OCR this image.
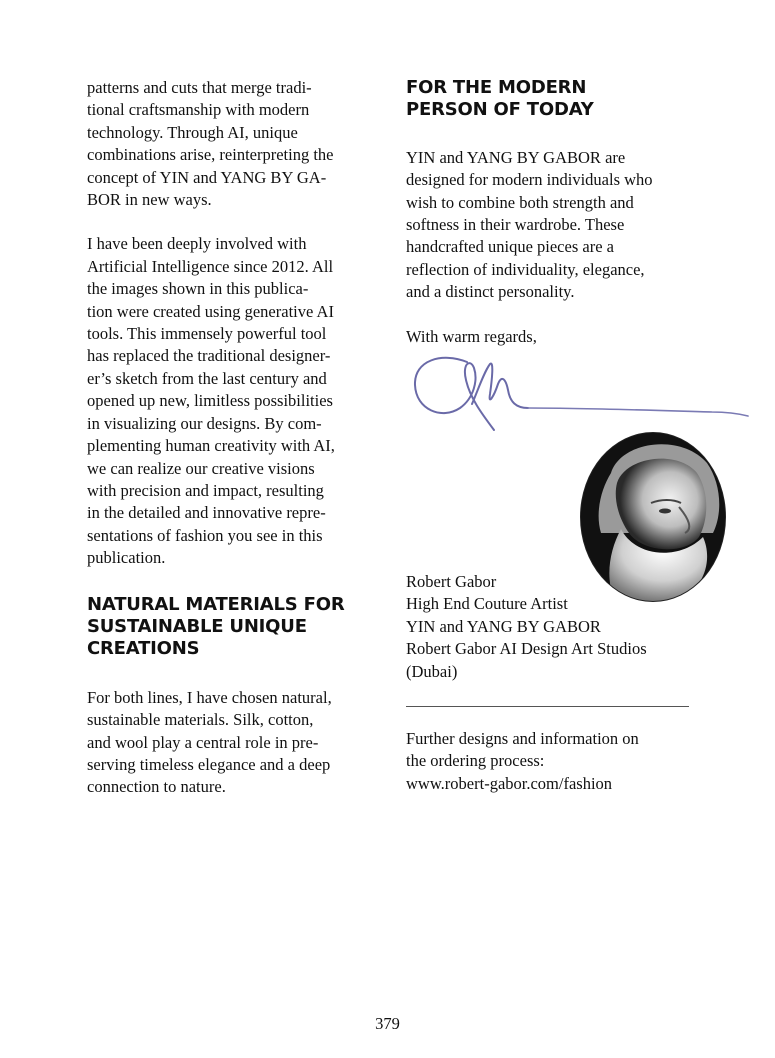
patterns and cuts that merge tradi-
tional craftsmanship with modern
technology. Through AI, unique
combinations arise, reinterpreting the
concept of YIN and YANG BY GA-
BOR in new ways.

I have been deeply involved with
Artificial Intelligence since 2012. All
the images shown in this publica-
tion were created using generative AI
tools. This immensely powerful tool
has replaced the traditional designer-
er’s sketch from the last century and
opened up new, limitless possibilities
in visualizing our designs. By com-
plementing human creativity with AI,
we can realize our creative visions
with precision and impact, resulting
in the detailed and innovative repre-
sentations of fashion you see in this
publication.

NATURAL MATERIALS FOR
SUSTAINABLE UNIQUE
CREATIONS

For both lines, I have chosen natural,
sustainable materials. Silk, cotton,
and wool play a central role in pre-
serving timeless elegance and a deep
connection to nature.

FOR THE MODERN
PERSON OF TODAY

YIN and YANG BY GABOR are
designed for modern individuals who
wish to combine both strength and
softness in their wardrobe. These
handcrafted unique pieces are a
reflection of individuality, elegance,
and a distinct personality.

With warm regards,

Robert Gabor
High End Couture Artist
YIN and YANG BY GABOR
Robert Gabor AI Design Art Studios
(Dubai)

Further designs and information on
the ordering process:
www.robert-gabor.com/fashion

379
